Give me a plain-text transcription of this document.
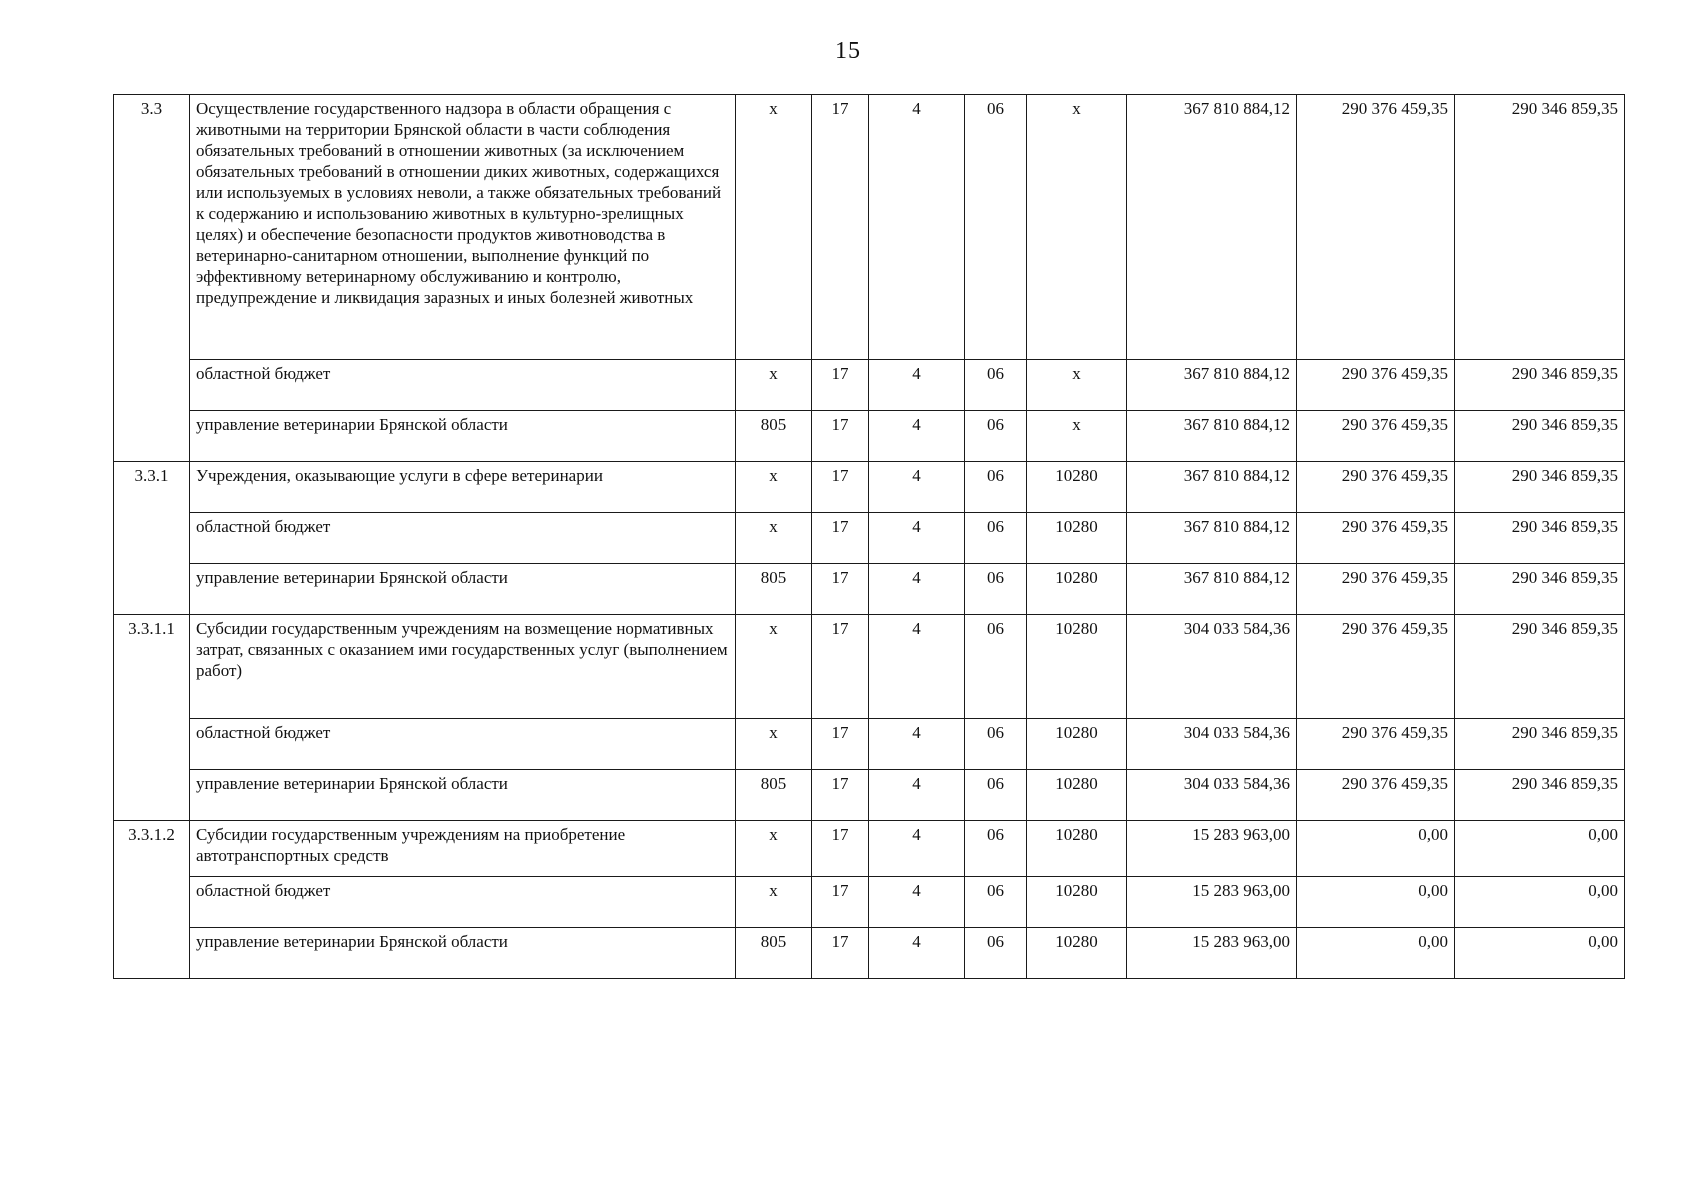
15
3.3	Осуществление государственного надзора в области обращения с животными на территории Брянской области в части соблюдения обязательных требований в отношении животных (за исключением обязательных требований в отношении диких животных, содержащихся или используемых в условиях неволи, а также обязательных требований к содержанию и использованию животных в культурно-зрелищных целях) и обеспечение безопасности продуктов животноводства в ветеринарно-санитарном отношении, выполнение функций по эффективному ветеринарному обслуживанию и контролю, предупреждение и ликвидация заразных и иных болезней животных	х	17	4	06	х	367 810 884,12	290 376 459,35	290 346 859,35
	областной бюджет	х	17	4	06	х	367 810 884,12	290 376 459,35	290 346 859,35
	управление ветеринарии Брянской области	805	17	4	06	х	367 810 884,12	290 376 459,35	290 346 859,35
3.3.1	Учреждения, оказывающие услуги в сфере ветеринарии	х	17	4	06	10280	367 810 884,12	290 376 459,35	290 346 859,35
	областной бюджет	х	17	4	06	10280	367 810 884,12	290 376 459,35	290 346 859,35
	управление ветеринарии Брянской области	805	17	4	06	10280	367 810 884,12	290 376 459,35	290 346 859,35
3.3.1.1	Субсидии государственным учреждениям на возмещение нормативных затрат, связанных с оказанием ими государственных услуг (выполнением работ)	х	17	4	06	10280	304 033 584,36	290 376 459,35	290 346 859,35
	областной бюджет	х	17	4	06	10280	304 033 584,36	290 376 459,35	290 346 859,35
	управление ветеринарии Брянской области	805	17	4	06	10280	304 033 584,36	290 376 459,35	290 346 859,35
3.3.1.2	Субсидии государственным учреждениям на приобретение автотранспортных средств	х	17	4	06	10280	15 283 963,00	0,00	0,00
	областной бюджет	х	17	4	06	10280	15 283 963,00	0,00	0,00
	управление ветеринарии Брянской области	805	17	4	06	10280	15 283 963,00	0,00	0,00
